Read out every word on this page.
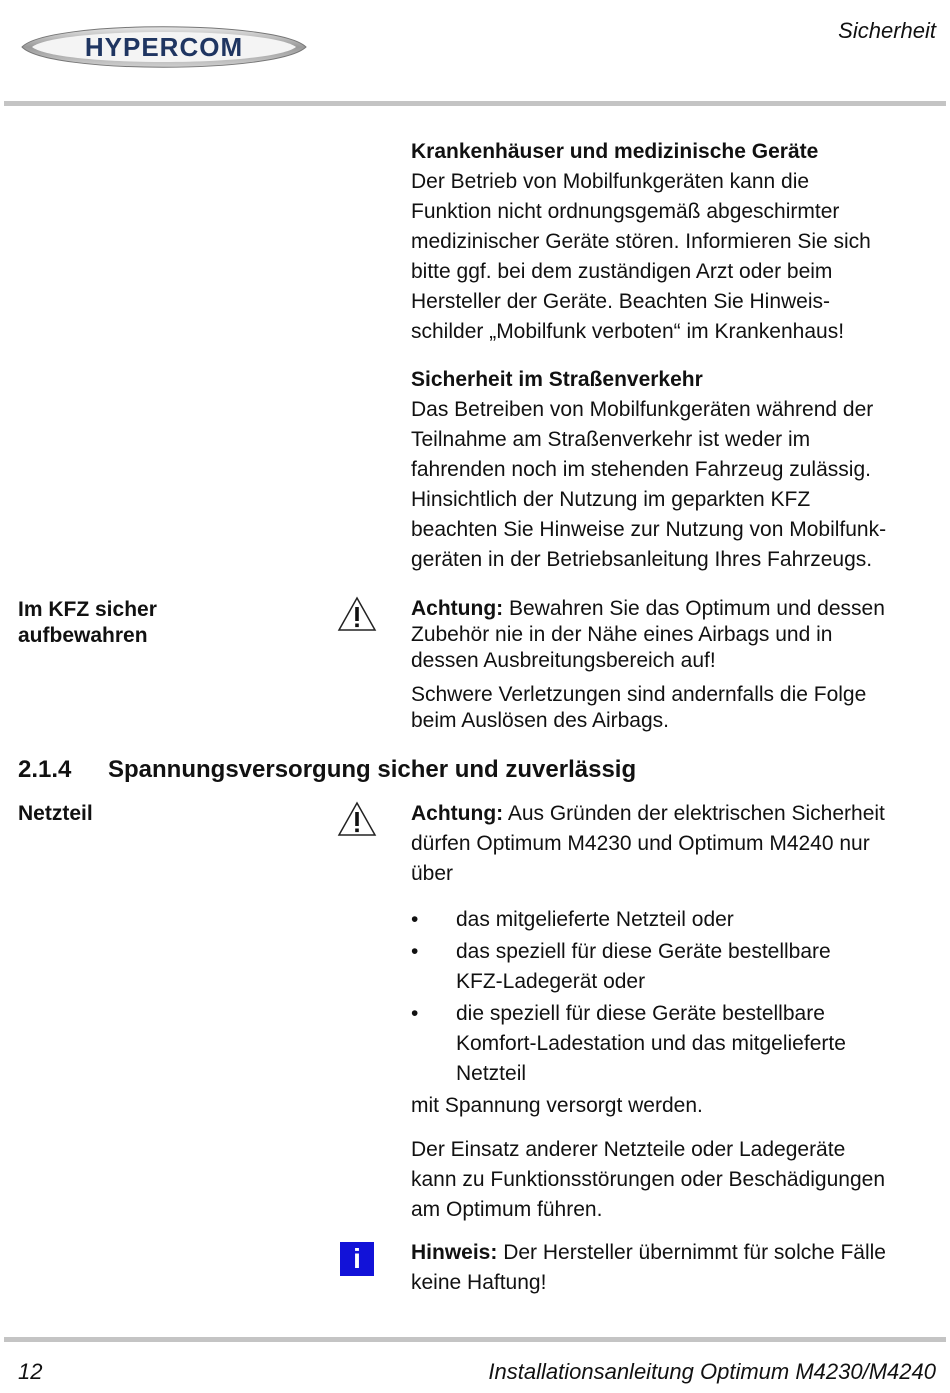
HYPERCOM
Sicherheit

Krankenhäuser und medizinische Geräte

Der Betrieb von Mobilfunkgeräten kann die

Funktion nicht ordnungsgemäß abgeschirmter

medizinischer Geräte stören. Informieren Sie sich

bitte ggf. bei dem zuständigen Arzt oder beim

Hersteller der Geräte. Beachten Sie Hinweis-

schilder „Mobilfunk verboten“ im Krankenhaus!

Sicherheit im Straßenverkehr

Das Betreiben von Mobilfunkgeräten während der

Teilnahme am Straßenverkehr ist weder im

fahrenden noch im stehenden Fahrzeug zulässig.

Hinsichtlich der Nutzung im geparkten KFZ

beachten Sie Hinweise zur Nutzung von Mobilfunk-

geräten in der Betriebsanleitung Ihres Fahrzeugs.

Im KFZ sicher
aufbewahren

Achtung: Bewahren Sie das Optimum und dessen

Zubehör nie in der Nähe eines Airbags und in

dessen Ausbreitungsbereich auf!

Schwere Verletzungen sind andernfalls die Folge

beim Auslösen des Airbags.

2.1.4 Spannungsversorgung sicher und zuverlässig
Netzteil	Achtung: Aus Gründen der elektrischen Sicherheit

dürfen Optimum M4230 und Optimum M4240 nur

über

• das mitgelieferte Netzteil oder
• das speziell für diese Geräte bestellbare
KFZ-Ladegerät oder
• die speziell für diese Geräte bestellbare
Komfort-Ladestation und das mitgelieferte
Netzteil

mit Spannung versorgt werden.

Der Einsatz anderer Netzteile oder Ladegeräte

kann zu Funktionsstörungen oder Beschädigungen

am Optimum führen.

i	Hinweis: Der Hersteller übernimmt für solche Fälle

keine Haftung!

12	Installationsanleitung Optimum M4230/M4240
